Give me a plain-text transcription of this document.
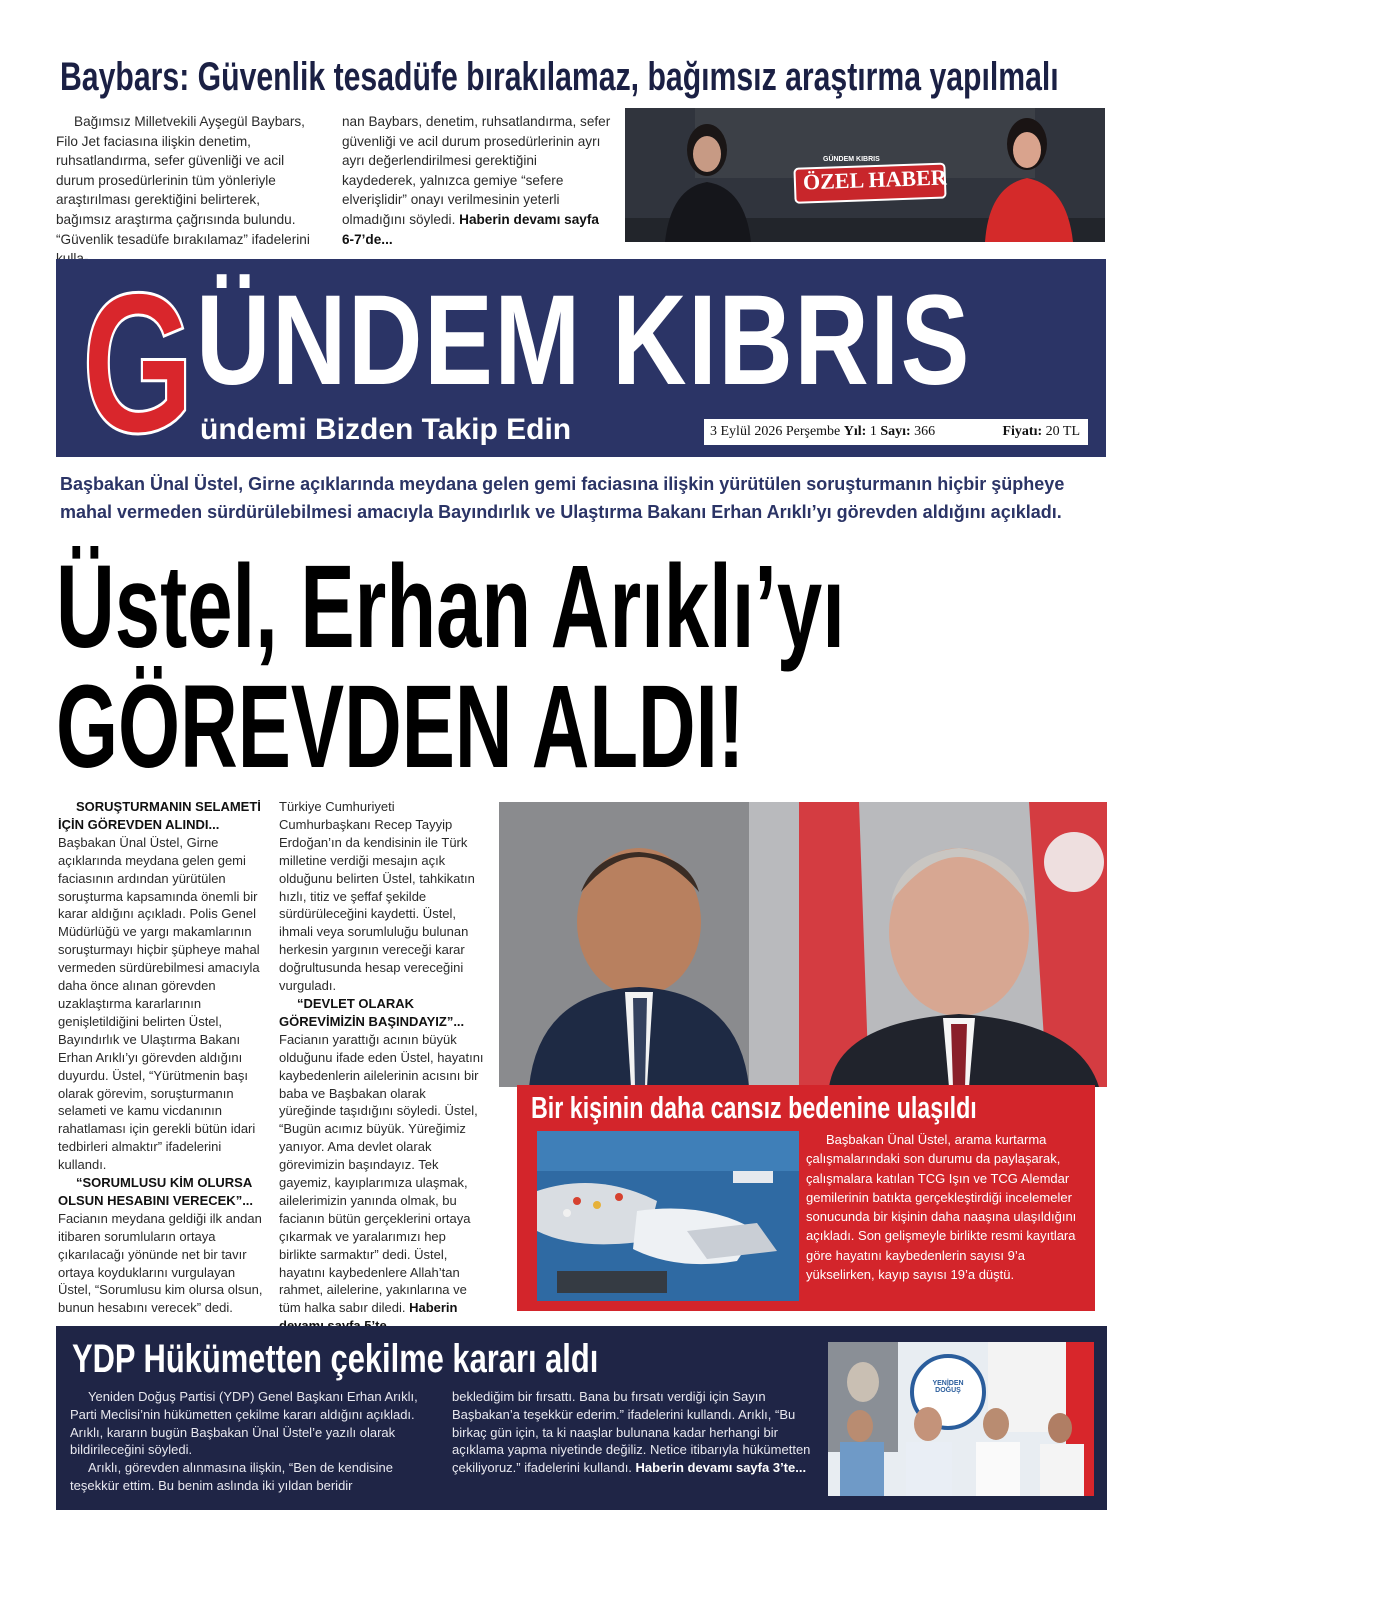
Baybars: Güvenlik tesadüfe bırakılamaz, bağımsız araştırma yapılmalı

Bağımsız Milletvekili Ayşegül Baybars, Filo Jet faciasına ilişkin denetim, ruhsatlandırma, sefer güvenliği ve acil durum prosedürlerinin tüm yönleriyle araştırılması gerektiğini belirterek, bağımsız araştırma çağrısında bulundu. “Güvenlik tesadüfe bırakılamaz” ifadelerini

nan Baybars, denetim, ruhsatlandırma, sefer güvenliği ve acil durum prosedürlerinin ayrı ayrı değerlendirilmesi gerektiğini kaydederek, yalnızca gemiye “sefere elverişlidir” onayı verilmesinin yeterli olmadığını söyledi. Haberin devamı sayfa 6-7’de...
GÜNDEM KIBRIS
ÖZEL HABER
G ÜNDEM KIBRIS
ündemi Bizden Takip Edin	3 Eylül 2026 Perşembe Yıl: 1 Sayı: 366	Fiyatı: 20 TL
Başbakan Ünal Üstel, Girne açıklarında meydana gelen gemi faciasına ilişkin yürütülen soruşturmanın hiçbir şüpheye mahal vermeden sürdürülebilmesi amacıyla Bayındırlık ve Ulaştırma Bakanı Erhan Arıklı’yı görevden aldığını açıkladı.
Üstel, Erhan Arıklı’yı
GÖREVDEN ALDI!

SORUŞTURMANIN SELAMETİ İÇİN GÖREVDEN ALINDI...

Başbakan Ünal Üstel, Girne açıklarında meydana gelen gemi faciasının ardından yürütülen soruşturma kapsamında önemli bir karar aldığını açıkladı. Polis Genel Müdürlüğü ve yargı makamlarının soruşturmayı hiçbir şüpheye mahal vermeden sürdürebilmesi amacıyla daha önce alınan görevden uzaklaştırma kararlarının genişletildiğini belirten Üstel, Bayındırlık ve Ulaştırma Bakanı Erhan Arıklı’yı görevden aldığını duyurdu. Üstel, “Yürütmenin başı olarak görevim, soruşturmanın selameti ve kamu vicdanının rahatlaması için gerekli bütün idari tedbirleri almaktır” ifadelerini kullandı.

“SORUMLUSU KİM OLURSA OLSUN HESABINI VERECEK”...

Facianın meydana geldiği ilk andan itibaren sorumluların ortaya çıkarılacağı yönünde net bir tavır ortaya koyduklarını vurgulayan Üstel, “Sorumlusu kim olursa olsun, bunun hesabını verecek” dedi.

Türkiye Cumhuriyeti Cumhurbaşkanı Recep Tayyip Erdoğan’ın da kendisinin ile Türk milletine verdiği mesajın açık olduğunu belirten Üstel, tahkikatın hızlı, titiz ve şeffaf şekilde sürdürüleceğini kaydetti. Üstel, ihmali veya sorumluluğu bulunan herkesin yargının vereceği karar doğrultusunda hesap vereceğini vurguladı.

“DEVLET OLARAK GÖREVİMİZİN BAŞINDAYIZ”...

Facianın yarattığı acının büyük olduğunu ifade eden Üstel, hayatını kaybedenlerin ailelerinin acısını bir baba ve Başbakan olarak yüreğinde taşıdığını söyledi. Üstel, “Bugün acımız büyük. Yüreğimiz yanıyor. Ama devlet olarak görevimizin başındayız. Tek gayemiz, kayıplarımıza ulaşmak, ailelerimizin yanında olmak, bu facianın bütün gerçeklerini ortaya çıkarmak ve yaralarımızı hep birlikte sarmaktır” dedi. Üstel, hayatını kaybedenlere Allah’tan rahmet, ailelerine, yakınlarına ve tüm halka sabır diledi. Haberin

Bir kişinin daha cansız bedenine ulaşıldı

Başbakan Ünal Üstel, arama kurtarma çalışmalarındaki son durumu da paylaşarak, çalışmalara katılan TCG Işın ve TCG Alemdar gemilerinin batıkta gerçekleştirdiği incelemeler sonucunda bir kişinin daha naaşına ulaşıldığını açıkladı. Son gelişmeyle birlikte resmi kayıtlara göre hayatını kaybedenlerin sayısı 9’a yükselirken, kayıp sayısı 19’a düştü.

YDP Hükümetten çekilme kararı aldı

Yeniden Doğuş Partisi (YDP) Genel Başkanı Erhan Arıklı, Parti Meclisi’nin hükümetten çekilme kararı aldığını açıkladı. Arıklı, kararın bugün Başbakan Ünal Üstel’e yazılı olarak bildirileceğini söyledi.

Arıklı, görevden alınmasına ilişkin, “Ben de kendisine teşekkür ettim. Bu benim aslında iki yıldan beridir

beklediğim bir fırsattı. Bana bu fırsatı verdiği için Sayın Başbakan’a teşekkür ederim.” ifadelerini kullandı. Arıklı, “Bu birkaç gün için, ta ki naaşlar bulunana kadar herhangi bir açıklama yapma niyetinde değiliz. Netice itibarıyla hükümetten çekiliyoruz.” ifadelerini kullandı. Haberin devamı sayfa 3’te...
YENİDEN DOĞUŞ
